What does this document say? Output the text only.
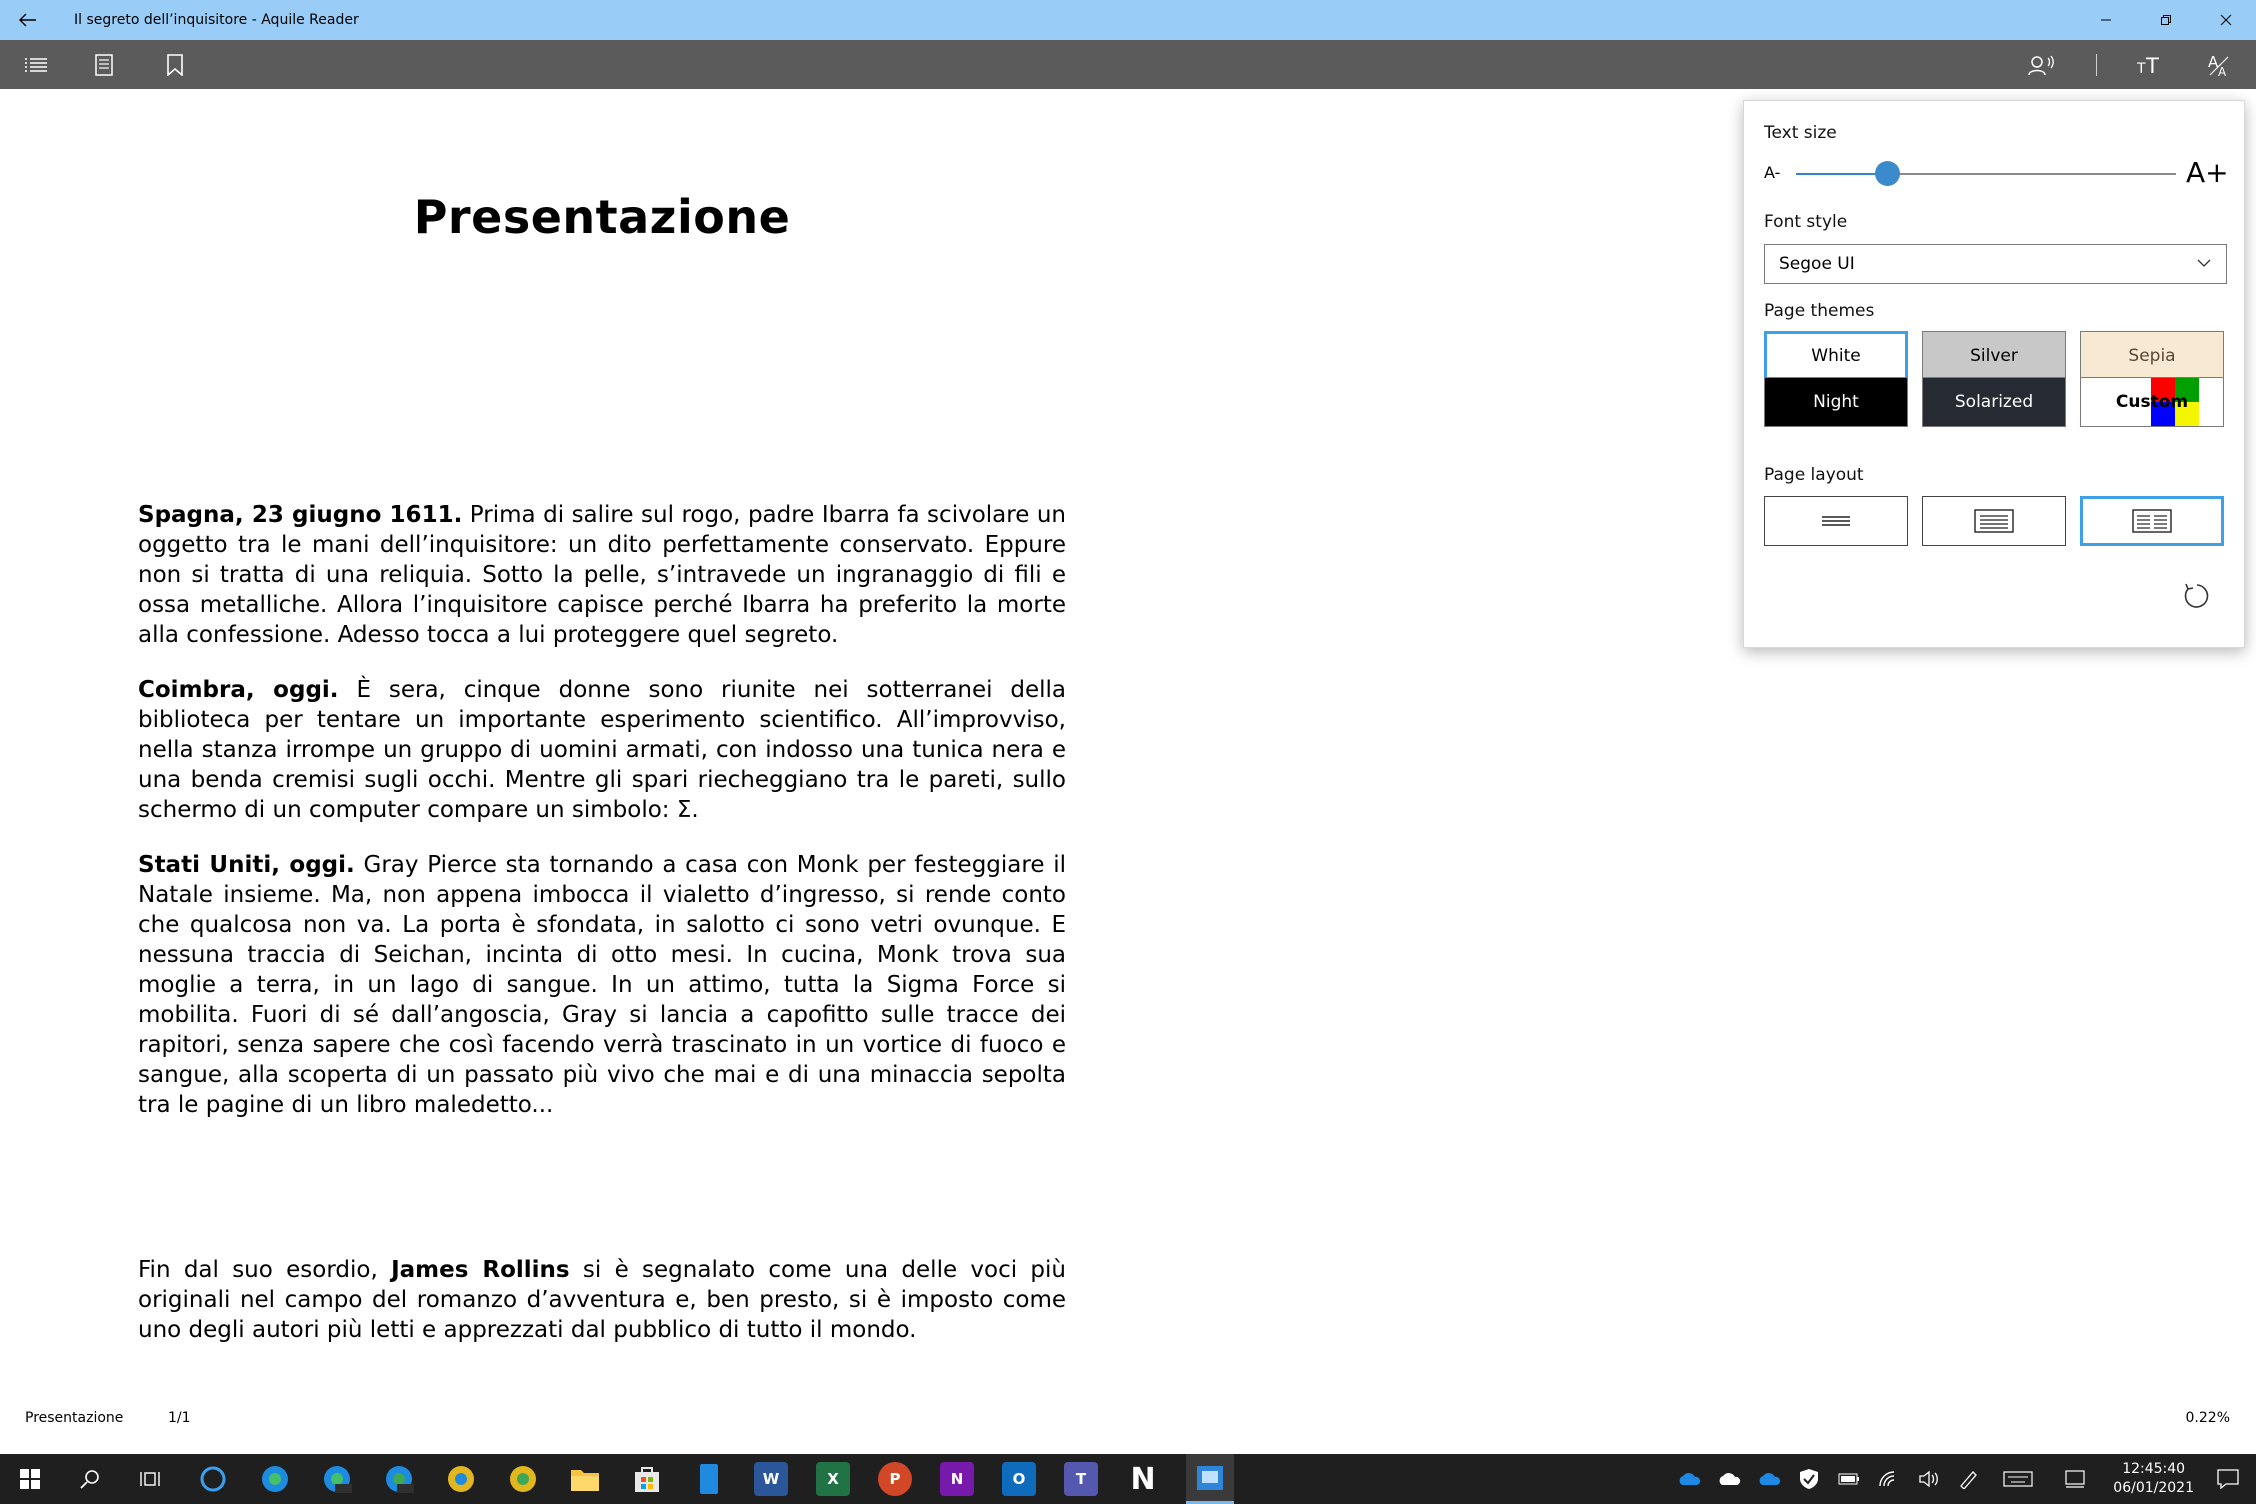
Il segreto dell’inquisitore - Aquile Reader
T T	A
A
Presentazione

Spagna, 23 giugno 1611. Prima di salire sul rogo, padre Ibarra fa scivolare un oggetto tra le mani dell’inquisitore: un dito perfettamente conservato. Eppure non si tratta di una reliquia. Sotto la pelle, s’intravede un ingranaggio di fili e ossa metalliche. Allora l’inquisitore capisce perché Ibarra ha preferito la morte alla confessione. Adesso tocca a lui proteggere quel segreto.

Coimbra, oggi. È sera, cinque donne sono riunite nei sotterranei della biblioteca per tentare un importante esperimento scientifico. All’improvviso, nella stanza irrompe un gruppo di uomini armati, con indosso una tunica nera e una benda cremisi sugli occhi. Mentre gli spari riecheggiano tra le pareti, sullo schermo di un computer compare un simbolo: Σ.

Stati Uniti, oggi. Gray Pierce sta tornando a casa con Monk per festeggiare il Natale insieme. Ma, non appena imbocca il vialetto d’ingresso, si rende conto che qualcosa non va. La porta è sfondata, in salotto ci sono vetri ovunque. E nessuna traccia di Seichan, incinta di otto mesi. In cucina, Monk trova sua moglie a terra, in un lago di sangue. In un attimo, tutta la Sigma Force si mobilita. Fuori di sé dall’angoscia, Gray si lancia a capofitto sulle tracce dei rapitori, senza sapere che così facendo verrà trascinato in un vortice di fuoco e sangue, alla scoperta di un passato più vivo che mai e di una minaccia sepolta tra le pagine di un libro maledetto...

Fin dal suo esordio, James Rollins si è segnalato come una delle voci più originali nel campo del romanzo d’avventura e, ben presto, si è imposto come uno degli autori più letti e apprezzati dal pubblico di tutto il mondo.
Presentazione	1/1	0.22%
Text size
A-	A+
Font style
Segoe UI
Page themes
White	Silver	Sepia
Night	Solarized	Custom
Page layout
W	X	P	N	O	T	N	12:45:40
06/01/2021
